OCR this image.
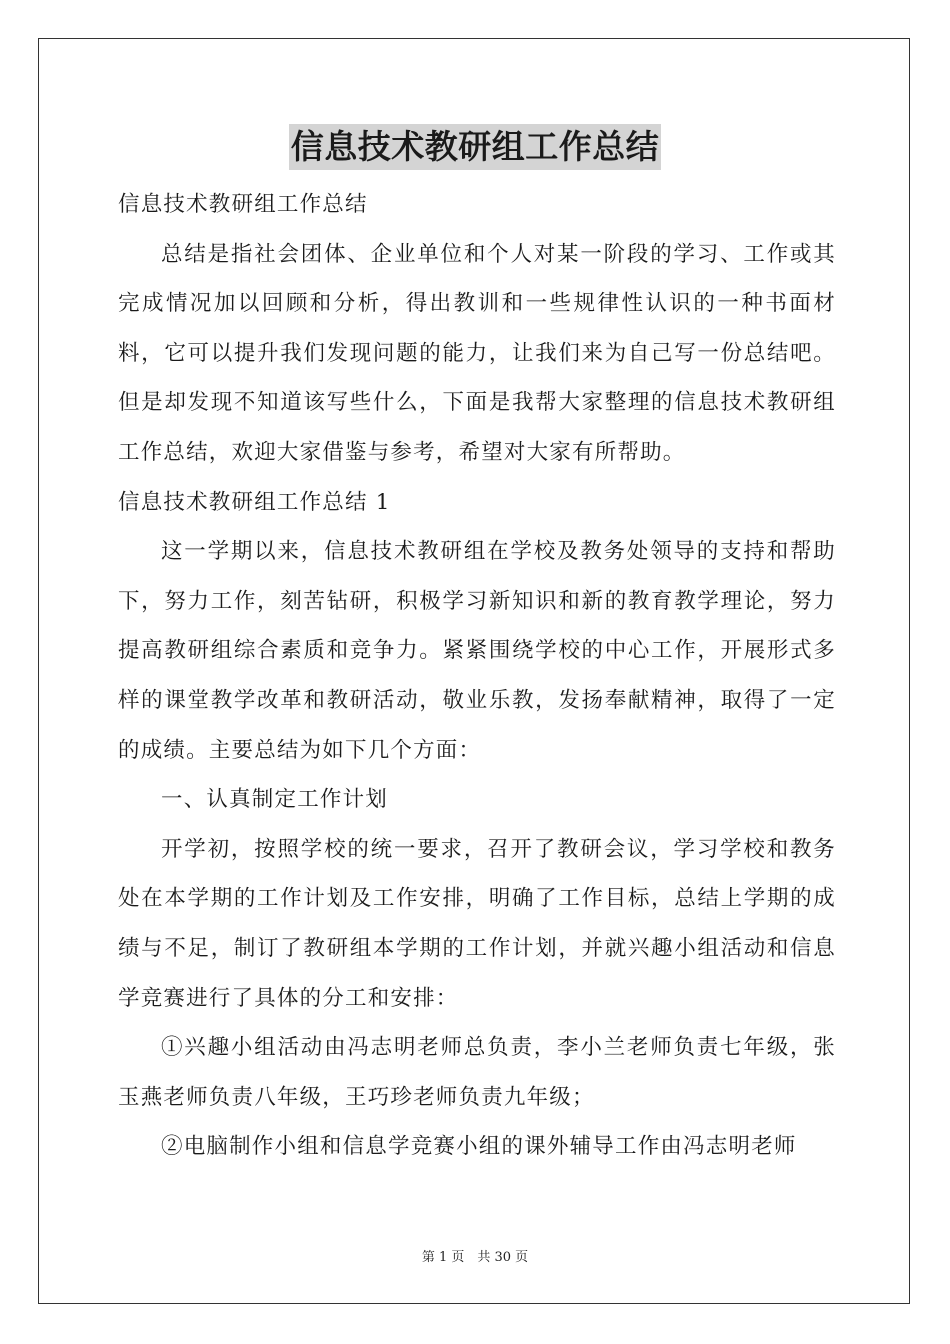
信息技术教研组工作总结

信息技术教研组工作总结

总结是指社会团体、企业单位和个人对某一阶段的学习、工作或其完成情况加以回顾和分析，得出教训和一些规律性认识的一种书面材料，它可以提升我们发现问题的能力，让我们来为自己写一份总结吧。但是却发现不知道该写些什么，下面是我帮大家整理的信息技术教研组工作总结，欢迎大家借鉴与参考，希望对大家有所帮助。

信息技术教研组工作总结 1

这一学期以来，信息技术教研组在学校及教务处领导的支持和帮助下，努力工作，刻苦钻研，积极学习新知识和新的教育教学理论，努力提高教研组综合素质和竞争力。紧紧围绕学校的中心工作，开展形式多样的课堂教学改革和教研活动，敬业乐教，发扬奉献精神，取得了一定的成绩。主要总结为如下几个方面：

一、认真制定工作计划

开学初，按照学校的统一要求，召开了教研会议，学习学校和教务处在本学期的工作计划及工作安排，明确了工作目标，总结上学期的成绩与不足，制订了教研组本学期的工作计划，并就兴趣小组活动和信息学竞赛进行了具体的分工和安排：

①兴趣小组活动由冯志明老师总负责，李小兰老师负责七年级，张玉燕老师负责八年级，王巧珍老师负责九年级；

②电脑制作小组和信息学竞赛小组的课外辅导工作由冯志明老师

第 1 页　共 30 页
